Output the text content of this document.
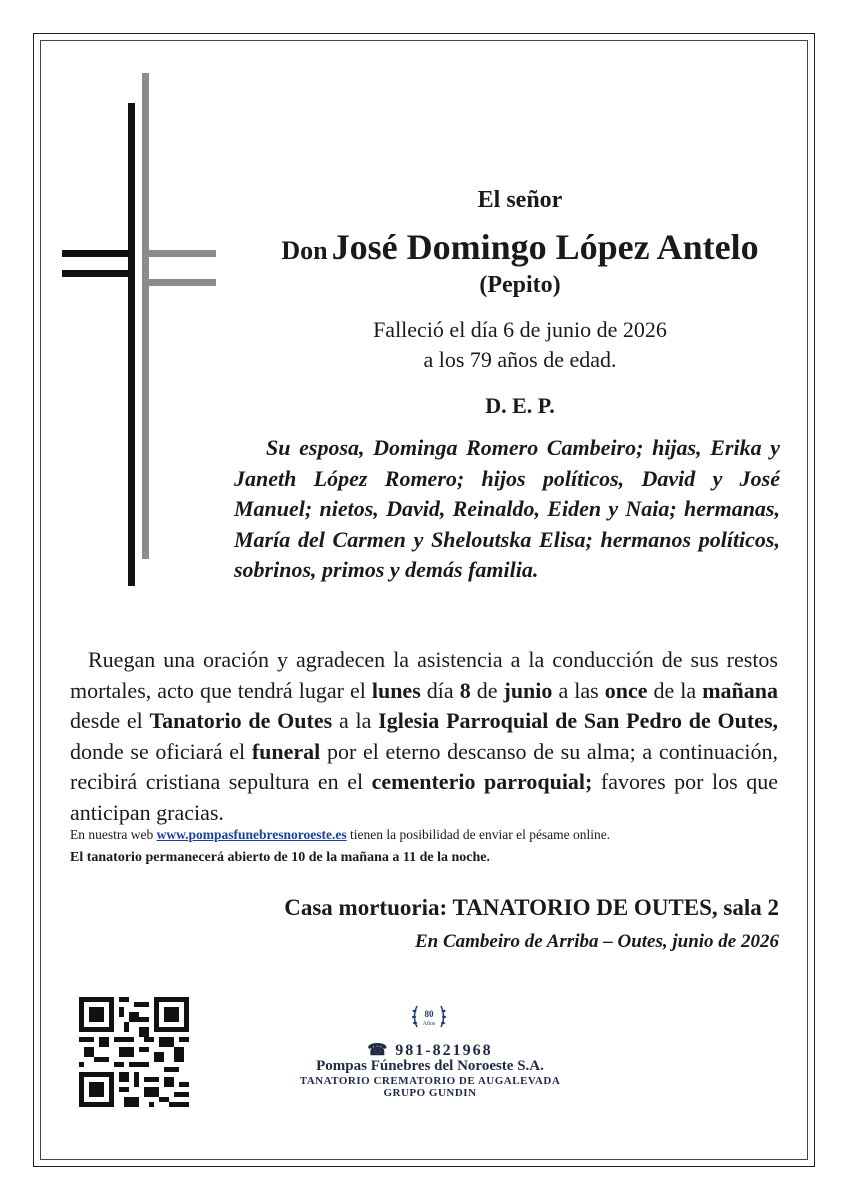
El señor
Don José Domingo López Antelo
(Pepito)
Falleció el día 6 de junio de 2026
a los 79 años de edad.
D. E. P.
Su esposa, Dominga Romero Cambeiro; hijas, Erika y Janeth López Romero; hijos políticos, David y José Manuel; nietos, David, Reinaldo, Eiden y Naia; hermanas, María del Carmen y Sheloutska Elisa; hermanos políticos, sobrinos, primos y demás familia.
Ruegan una oración y agradecen la asistencia a la conducción de sus restos mortales, acto que tendrá lugar el lunes día 8 de junio a las once de la mañana desde el Tanatorio de Outes a la Iglesia Parroquial de San Pedro de Outes, donde se oficiará el funeral por el eterno descanso de su alma; a continuación, recibirá cristiana sepultura en el cementerio parroquial; favores por los que anticipan gracias.
En nuestra web www.pompasfunebresnoroeste.es tienen la posibilidad de enviar el pésame online.
El tanatorio permanecerá abierto de 10 de la mañana a 11 de la noche.
Casa mortuoria: TANATORIO DE OUTES, sala 2
En Cambeiro de Arriba – Outes, junio de 2026
80
Años
☎ 981-821968
Pompas Fúnebres del Noroeste S.A.
TANATORIO CREMATORIO DE AUGALEVADA
GRUPO GUNDIN
